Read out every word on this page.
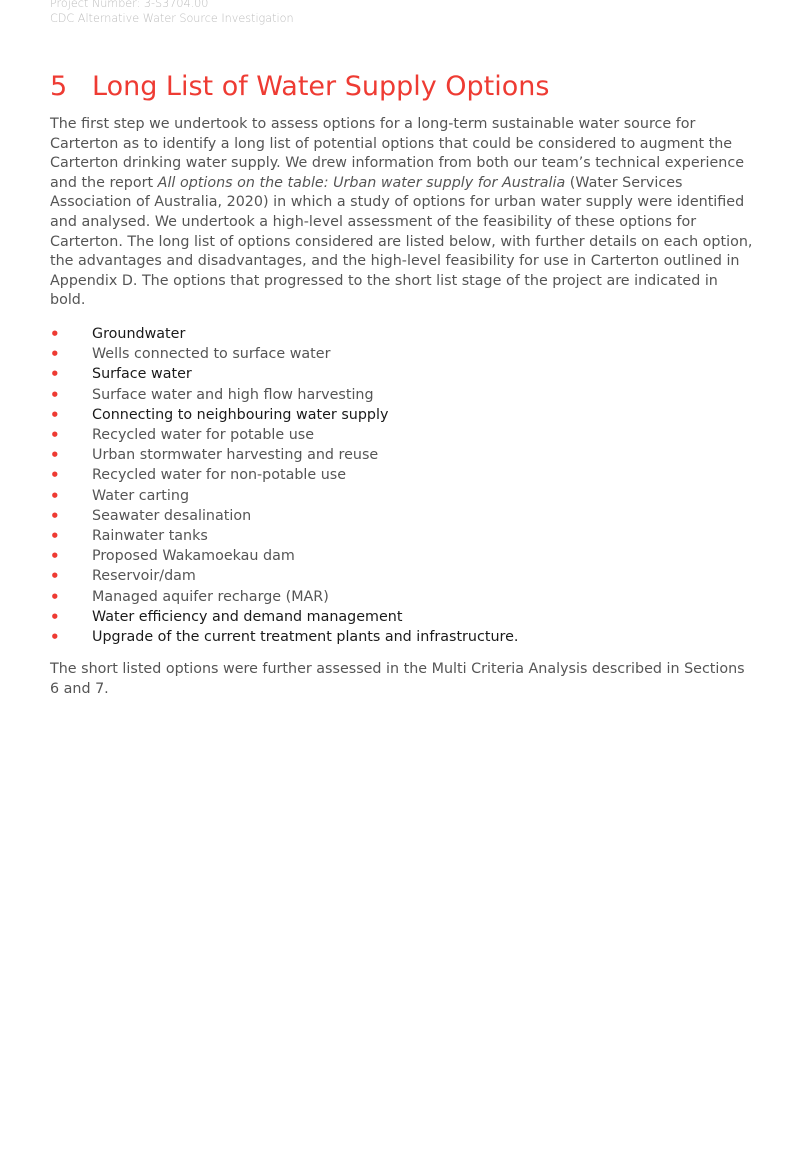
Project Number: 3-S3704.00
CDC Alternative Water Source Investigation
5 Long List of Water Supply Options

The first step we undertook to assess options for a long-term sustainable water source for Carterton as to identify a long list of potential options that could be considered to augment the Carterton drinking water supply. We drew information from both our team’s technical experience and the report All options on the table: Urban water supply for Australia (Water Services Association of Australia, 2020) in which a study of options for urban water supply were identified and analysed. We undertook a high-level assessment of the feasibility of these options for Carterton. The long list of options considered are listed below, with further details on each option, the advantages and disadvantages, and the high-level feasibility for use in Carterton outlined in Appendix D. The options that progressed to the short list stage of the project are indicated in bold.

• Groundwater
• Wells connected to surface water
• Surface water
• Surface water and high flow harvesting
• Connecting to neighbouring water supply
• Recycled water for potable use
• Urban stormwater harvesting and reuse
• Recycled water for non-potable use
• Water carting
• Seawater desalination
• Rainwater tanks
• Proposed Wakamoekau dam
• Reservoir/dam
• Managed aquifer recharge (MAR)
• Water efficiency and demand management
• Upgrade of the current treatment plants and infrastructure.

The short listed options were further assessed in the Multi Criteria Analysis described in Sections 6 and 7.
